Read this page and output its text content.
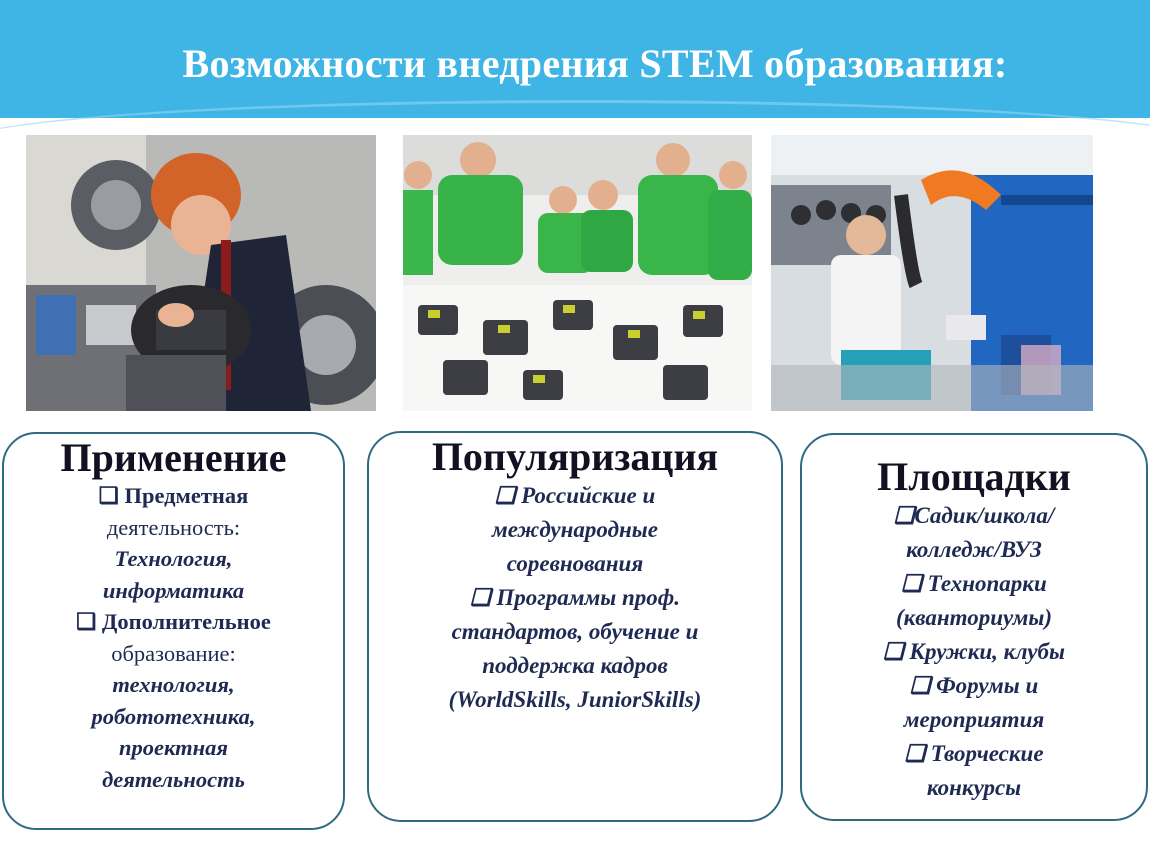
Возможности внедрения STEM образования:
Применение
❑ Предметная
деятельность:
Технология,
информатика
❑ Дополнительное
образование:
технология,
робототехника,
проектная
деятельность
Популяризация
❑ Российские и
международные
соревнования
❑ Программы проф.
стандартов, обучение и
поддержка кадров
(WorldSkills, JuniorSkills)
Площадки
❑Садик/школа/
колледж/ВУЗ
❑ Технопарки
(кванториумы)
❑ Кружки, клубы
❑ Форумы и
мероприятия
❑ Творческие
конкурсы
